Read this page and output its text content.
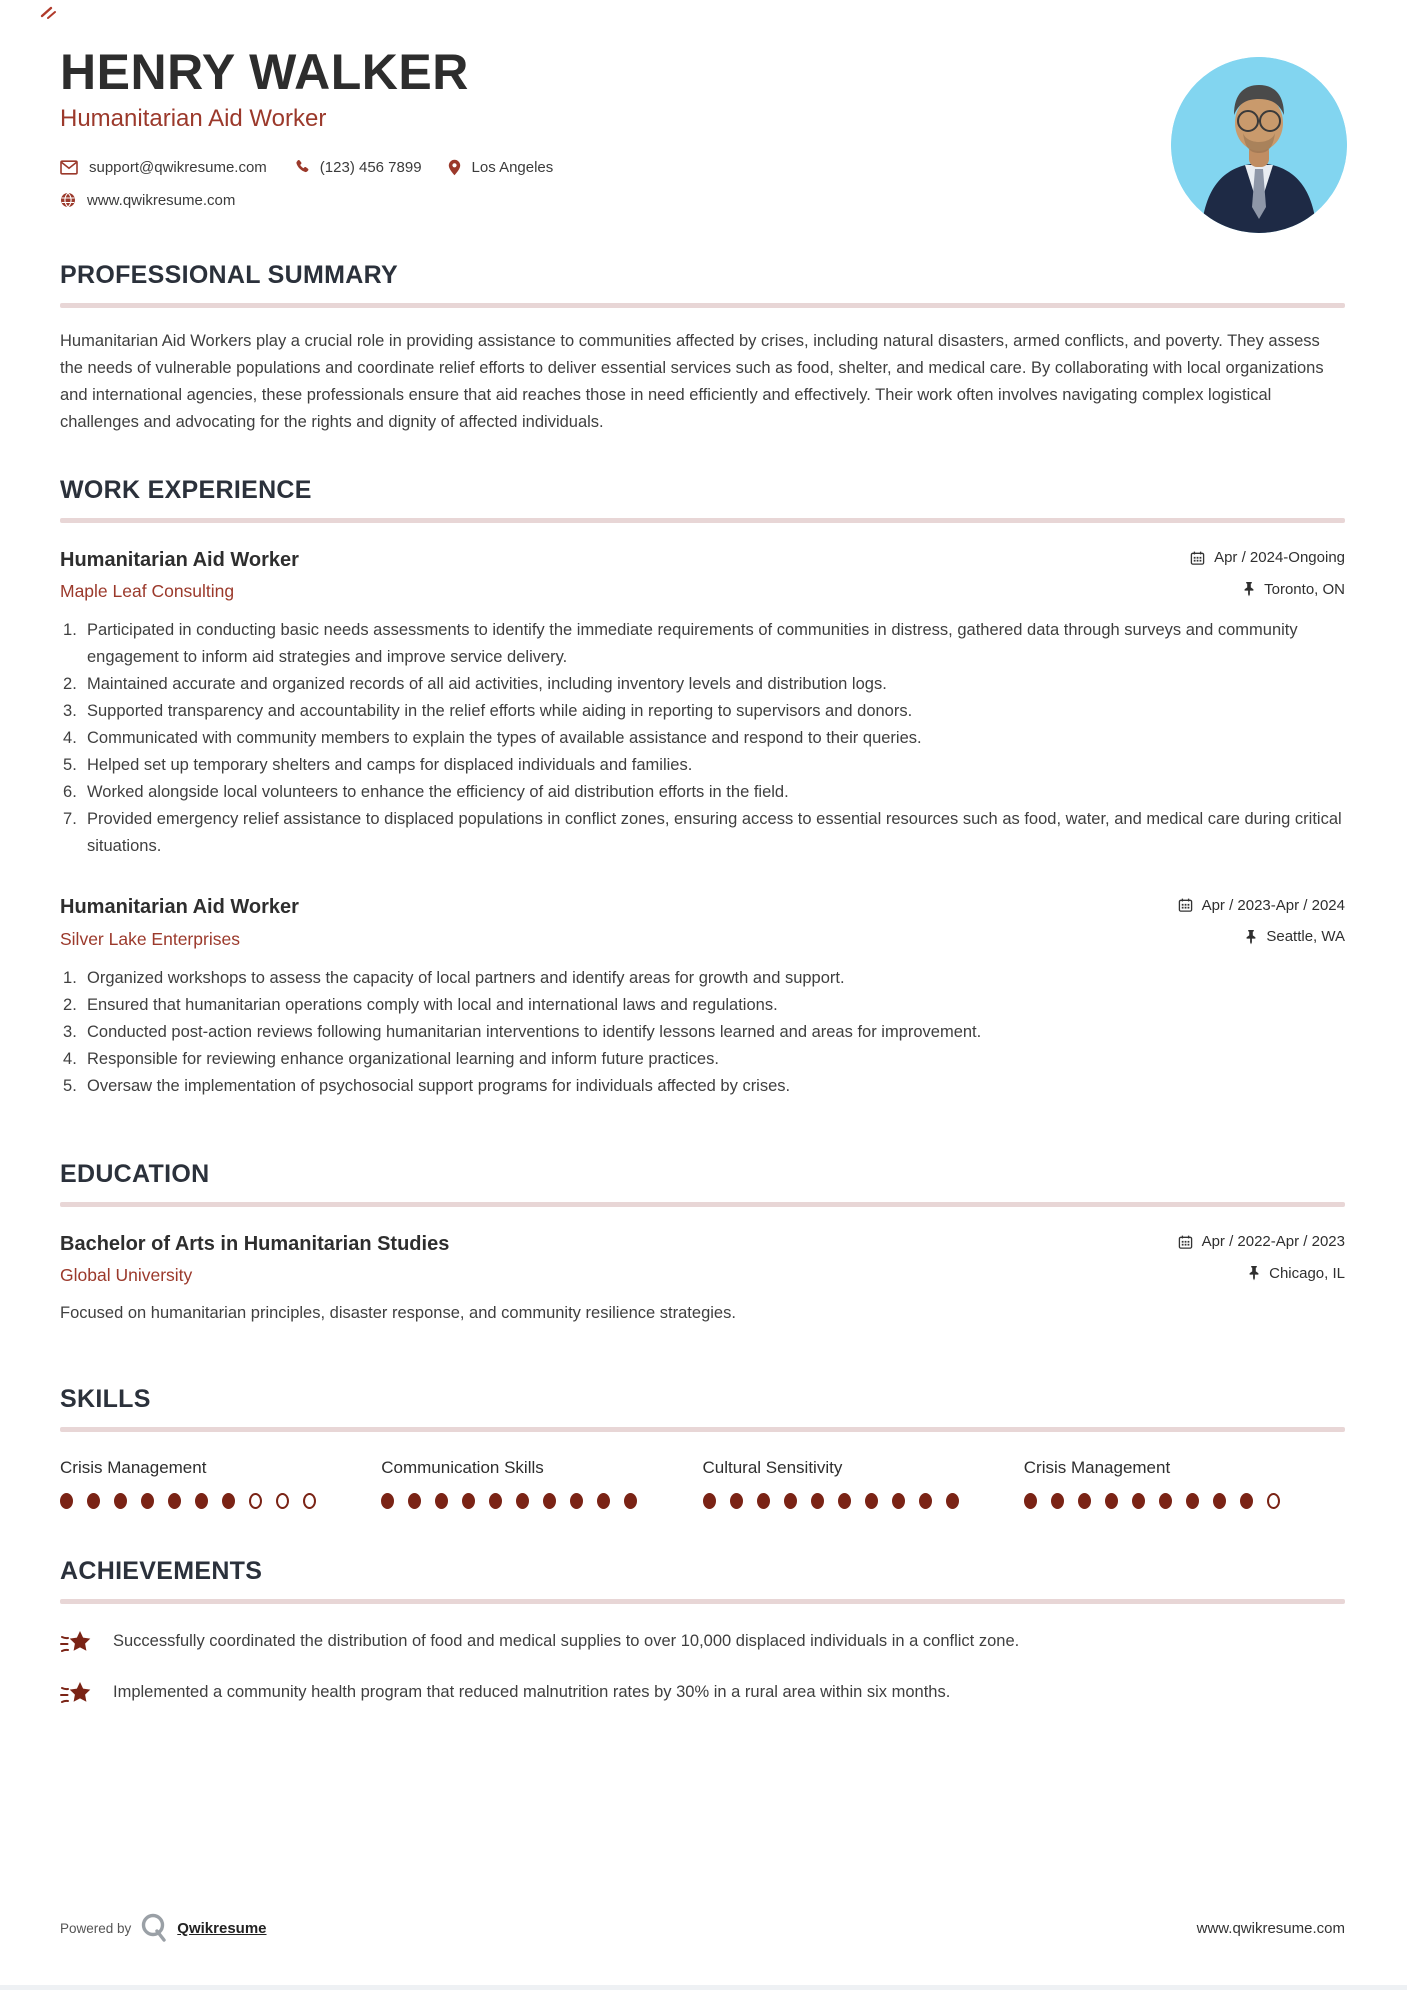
HENRY WALKER
Humanitarian Aid Worker
support@qwikresume.com	(123) 456 7899	Los Angeles
www.qwikresume.com
PROFESSIONAL SUMMARY

Humanitarian Aid Workers play a crucial role in providing assistance to communities affected by crises, including natural disasters, armed conflicts, and poverty. They assess the needs of vulnerable populations and coordinate relief efforts to deliver essential services such as food, shelter, and medical care. By collaborating with local organizations and international agencies, these professionals ensure that aid reaches those in need efficiently and effectively. Their work often involves navigating complex logistical challenges and advocating for the rights and dignity of affected individuals.

WORK EXPERIENCE
Humanitarian Aid Worker	Apr / 2024-Ongoing
Maple Leaf Consulting	Toronto, ON
Participated in conducting basic needs assessments to identify the immediate requirements of communities in distress, gathered data through surveys and community engagement to inform aid strategies and improve service delivery.
Maintained accurate and organized records of all aid activities, including inventory levels and distribution logs.
Supported transparency and accountability in the relief efforts while aiding in reporting to supervisors and donors.
Communicated with community members to explain the types of available assistance and respond to their queries.
Helped set up temporary shelters and camps for displaced individuals and families.
Worked alongside local volunteers to enhance the efficiency of aid distribution efforts in the field.
Provided emergency relief assistance to displaced populations in conflict zones, ensuring access to essential resources such as food, water, and medical care during critical situations.
Humanitarian Aid Worker	Apr / 2023-Apr / 2024
Silver Lake Enterprises	Seattle, WA
Organized workshops to assess the capacity of local partners and identify areas for growth and support.
Ensured that humanitarian operations comply with local and international laws and regulations.
Conducted post-action reviews following humanitarian interventions to identify lessons learned and areas for improvement.
Responsible for reviewing enhance organizational learning and inform future practices.
Oversaw the implementation of psychosocial support programs for individuals affected by crises.
EDUCATION
Bachelor of Arts in Humanitarian Studies	Apr / 2022-Apr / 2023
Global University	Chicago, IL

Focused on humanitarian principles, disaster response, and community resilience strategies.

SKILLS
Crisis Management	Communication Skills	Cultural Sensitivity	Crisis Management
ACHIEVEMENTS
Successfully coordinated the distribution of food and medical supplies to over 10,000 displaced individuals in a conflict zone.
Implemented a community health program that reduced malnutrition rates by 30% in a rural area within six months.
Powered by	Qwikresume	www.qwikresume.com
